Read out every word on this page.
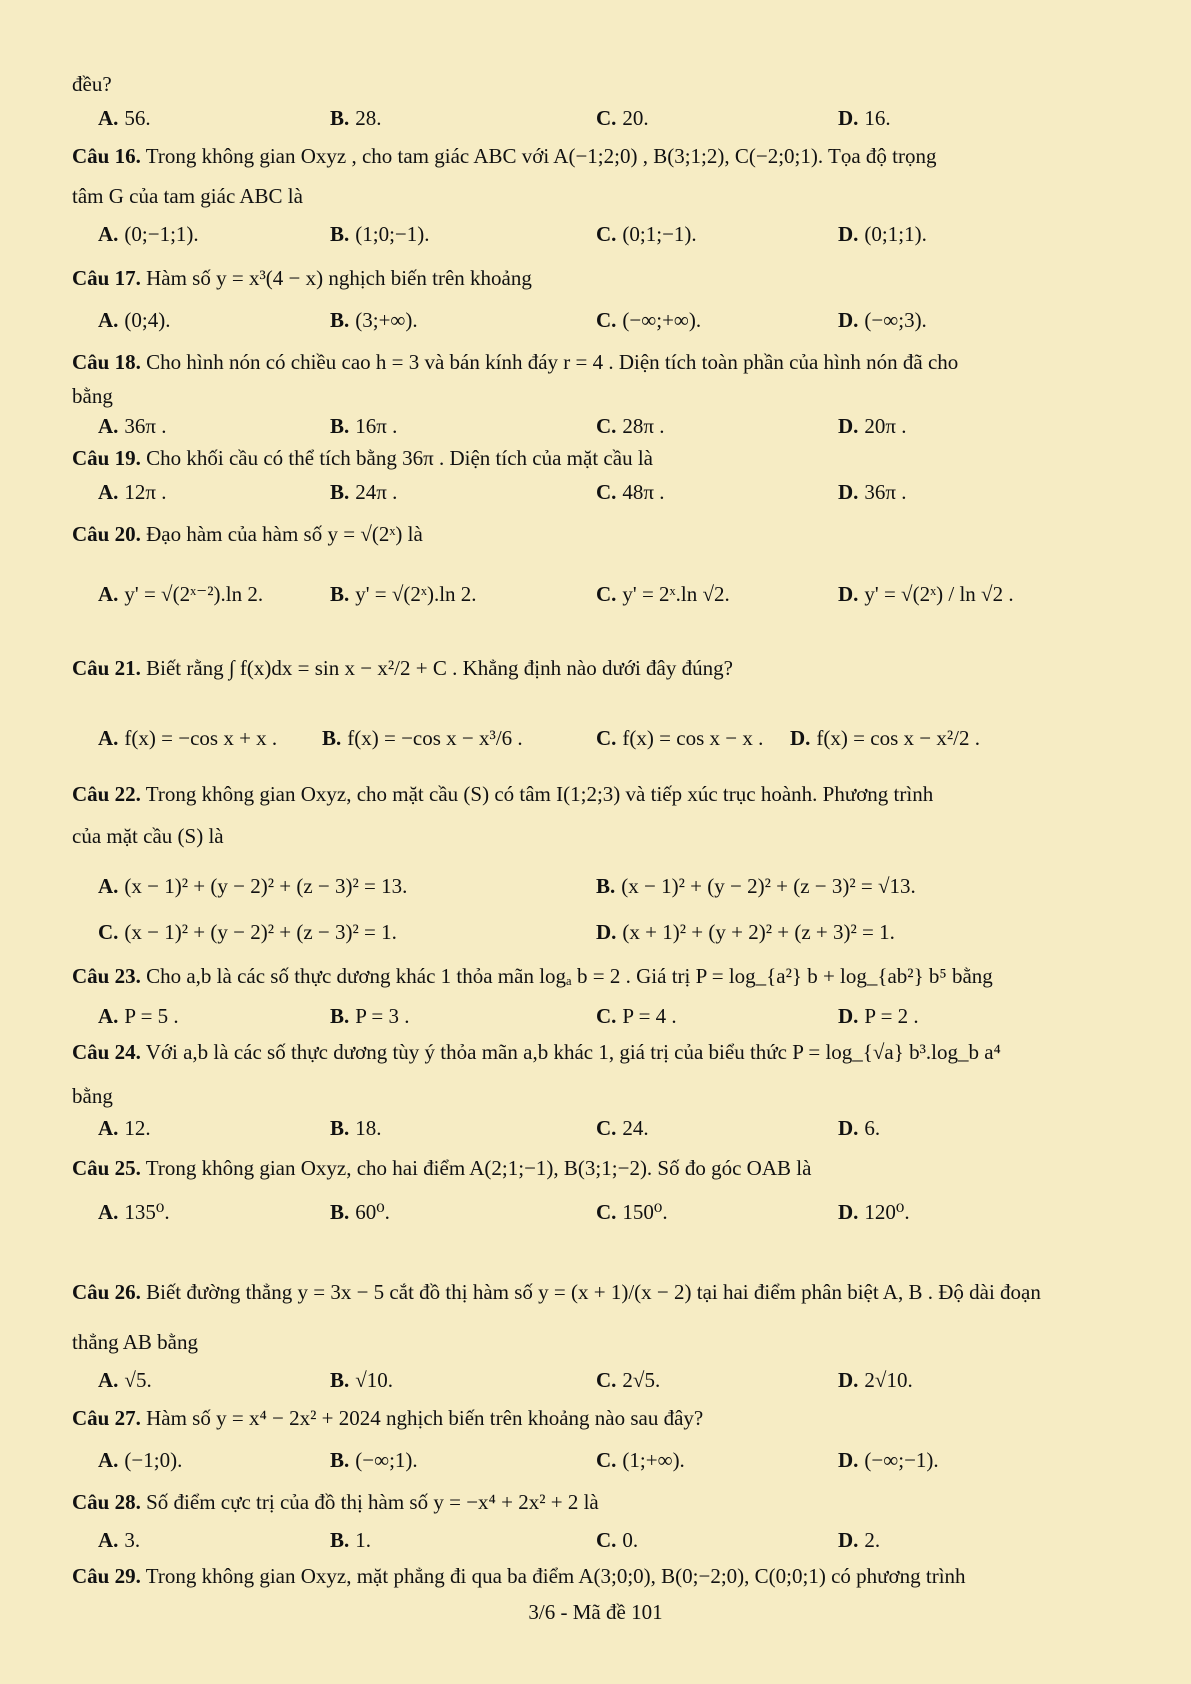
đều?
A. 56.	B. 28.	C. 20.	D. 16.
Câu 16. Trong không gian Oxyz , cho tam giác ABC với A(−1;2;0) , B(3;1;2), C(−2;0;1). Tọa độ trọng
tâm G của tam giác ABC là
A. (0;−1;1).	B. (1;0;−1).	C. (0;1;−1).	D. (0;1;1).
Câu 17. Hàm số y = x³(4 − x) nghịch biến trên khoảng
A. (0;4).	B. (3;+∞).	C. (−∞;+∞).	D. (−∞;3).
Câu 18. Cho hình nón có chiều cao h = 3 và bán kính đáy r = 4 . Diện tích toàn phần của hình nón đã cho
bằng
A. 36π .	B. 16π .	C. 28π .	D. 20π .
Câu 19. Cho khối cầu có thể tích bằng 36π . Diện tích của mặt cầu là
A. 12π .	B. 24π .	C. 48π .	D. 36π .
Câu 20. Đạo hàm của hàm số y = √(2ˣ) là
A. y' = √(2ˣ⁻²).ln 2.	B. y' = √(2ˣ).ln 2.	C. y' = 2ˣ.ln √2.	D. y' = √(2ˣ) / ln √2 .
Câu 21. Biết rằng ∫ f(x)dx = sin x − x²/2 + C . Khẳng định nào dưới đây đúng?
A. f(x) = −cos x + x . B. f(x) = −cos x − x³/6 .	C. f(x) = cos x − x . D. f(x) = cos x − x²/2 .
Câu 22. Trong không gian Oxyz, cho mặt cầu (S) có tâm I(1;2;3) và tiếp xúc trục hoành. Phương trình
của mặt cầu (S) là
A. (x − 1)² + (y − 2)² + (z − 3)² = 13.	B. (x − 1)² + (y − 2)² + (z − 3)² = √13.
C. (x − 1)² + (y − 2)² + (z − 3)² = 1.	D. (x + 1)² + (y + 2)² + (z + 3)² = 1.
Câu 23. Cho a,b là các số thực dương khác 1 thỏa mãn logₐ b = 2 . Giá trị P = log_{a²} b + log_{ab²} b⁵ bằng
A. P = 5 .	B. P = 3 .	C. P = 4 .	D. P = 2 .
Câu 24. Với a,b là các số thực dương tùy ý thỏa mãn a,b khác 1, giá trị của biểu thức P = log_{√a} b³.log_b a⁴
bằng
A. 12.	B. 18.	C. 24.	D. 6.
Câu 25. Trong không gian Oxyz, cho hai điểm A(2;1;−1), B(3;1;−2). Số đo góc OAB là
A. 135⁰.	B. 60⁰.	C. 150⁰.	D. 120⁰.
Câu 26. Biết đường thẳng y = 3x − 5 cắt đồ thị hàm số y = (x + 1)/(x − 2) tại hai điểm phân biệt A, B . Độ dài đoạn
thẳng AB bằng
A. √5.	B. √10.	C. 2√5.	D. 2√10.
Câu 27. Hàm số y = x⁴ − 2x² + 2024 nghịch biến trên khoảng nào sau đây?
A. (−1;0).	B. (−∞;1).	C. (1;+∞).	D. (−∞;−1).
Câu 28. Số điểm cực trị của đồ thị hàm số y = −x⁴ + 2x² + 2 là
A. 3.	B. 1.	C. 0.	D. 2.
Câu 29. Trong không gian Oxyz, mặt phẳng đi qua ba điểm A(3;0;0), B(0;−2;0), C(0;0;1) có phương trình
3/6 - Mã đề 101
